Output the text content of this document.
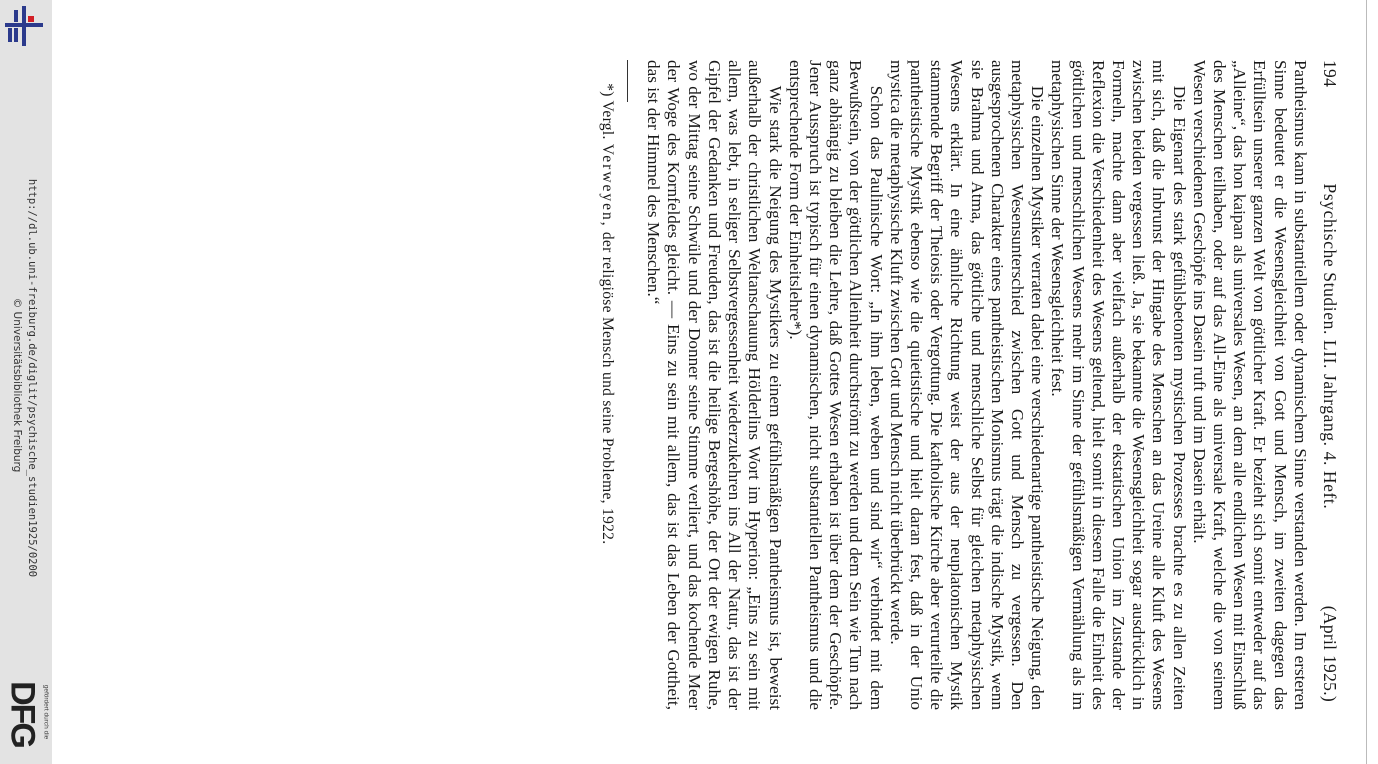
http://dl.ub.uni-freiburg.de/diglit/psychische_studien1925/0200
© Universitätsbibliothek Freiburg
gefördert durch die
DFG
194
Psychische Studien. LII. Jahrgang. 4. Heft.
(April 1925.)

Pantheismus kann in substantiellem oder dynamischem Sinne verstanden werden. Im ersteren Sinne bedeutet er die Wesensgleichheit von Gott und Mensch, im zweiten dagegen das Erfülltsein unserer ganzen Welt von göttlicher Kraft. Er bezieht sich somit entweder auf das „Alleine“, das hon kaipan als universales Wesen, an dem alle endlichen Wesen mit Einschluß des Menschen teilhaben, oder auf das All-Eine als universale Kraft, welche die von seinem Wesen verschiedenen Geschöpfe ins Dasein ruft und im Dasein erhält.

Die Eigenart des stark gefühlsbetonten mystischen Prozesses brachte es zu allen Zeiten mit sich, daß die Inbrunst der Hingabe des Menschen an das Ureine alle Kluft des Wesens zwischen beiden vergessen ließ. Ja, sie bekannte die Wesensgleichheit sogar ausdrücklich in Formeln, machte dann aber vielfach außerhalb der ekstatischen Union im Zustande der Reflexion die Verschiedenheit des Wesens geltend, hielt somit in diesem Falle die Einheit des göttlichen und menschlichen Wesens mehr im Sinne der gefühlsmäßigen Vermählung als im metaphysischen Sinne der Wesensgleichheit fest.

Die einzelnen Mystiker verraten dabei eine verschiedenartige pantheistische Neigung, den metaphysischen Wesensunterschied zwischen Gott und Mensch zu vergessen. Den ausgesprochenen Charakter eines pantheistischen Monismus trägt die indische Mystik, wenn sie Brahma und Atma, das göttliche und menschliche Selbst für gleichen metaphysischen Wesens erklärt. In eine ähnliche Richtung weist der aus der neuplatonischen Mystik stammende Begriff der Theiosis oder Vergottung. Die katholische Kirche aber verurteilte die pantheistische Mystik ebenso wie die quietistische und hielt daran fest, daß in der Unio mystica die metaphysische Kluft zwischen Gott und Mensch nicht überbrückt werde.

Schon das Paulinische Wort: „In ihm leben, weben und sind wir“ verbindet mit dem Bewußtsein, von der göttlichen Alleinheit durchströmt zu werden und dem Sein wie Tun nach ganz abhängig zu bleiben die Lehre, daß Gottes Wesen erhaben ist über dem der Geschöpfe. Jener Ausspruch ist typisch für einen dynamischen, nicht substantiellen Pantheismus und die entsprechende Form der Einheitslehre*).

Wie stark die Neigung des Mystikers zu einem gefühlsmäßigen Pantheismus ist, beweist außerhalb der christlichen Weltanschauung Hölderlins Wort im Hyperion: „Eins zu sein mit allem, was lebt, in seliger Selbstvergessenheit wiederzukehren ins All der Natur, das ist der Gipfel der Gedanken und Freuden, das ist die heilige Bergeshöhe, der Ort der ewigen Ruhe, wo der Mittag seine Schwüle und der Donner seine Stimme verliert, und das kochende Meer der Woge des Kornfeldes gleicht. — Eins zu sein mit allem, das ist das Leben der Gottheit, das ist der Himmel des Menschen.“

*) Vergl. Verweyen, der religiöse Mensch und seine Probleme, 1922.
